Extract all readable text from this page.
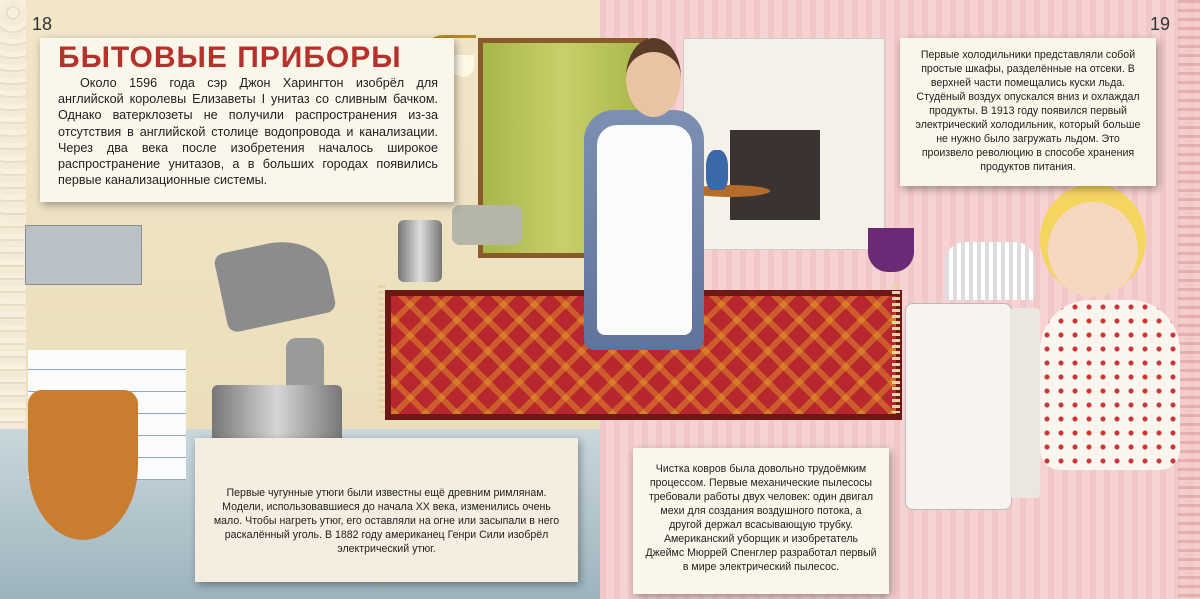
18	19
БЫТОВЫЕ ПРИБОРЫ

Около 1596 года сэр Джон Харингтон изобрёл для английской королевы Елизаветы I унитаз со сливным бачком. Однако ватерклозеты не получили распространения из-за отсутствия в английской столице водопровода и канализации. Через два века после изобретения началось широкое распространение унитазов, а в больших городах появились первые канализационные системы.

Первые чугунные утюги были известны ещё древним римлянам. Модели, использовавшиеся до начала XX века, изменились очень мало. Чтобы нагреть утюг, его оставляли на огне или засыпали в него раскалённый уголь. В 1882 году американец Генри Сили изобрёл электрический утюг.

Первые холодильники представляли собой простые шкафы, разделённые на отсеки. В верхней части помещались куски льда. Студёный воздух опускался вниз и охлаждал продукты. В 1913 году появился первый электрический холодильник, который больше не нужно было загружать льдом. Это произвело революцию в способе хранения продуктов питания.

Чистка ковров была довольно трудоёмким процессом. Первые механические пылесосы требовали работы двух человек: один двигал мехи для создания воздушного потока, а другой держал всасывающую трубку. Американский уборщик и изобретатель Джеймс Мюррей Спенглер разработал первый в мире электрический пылесос.
